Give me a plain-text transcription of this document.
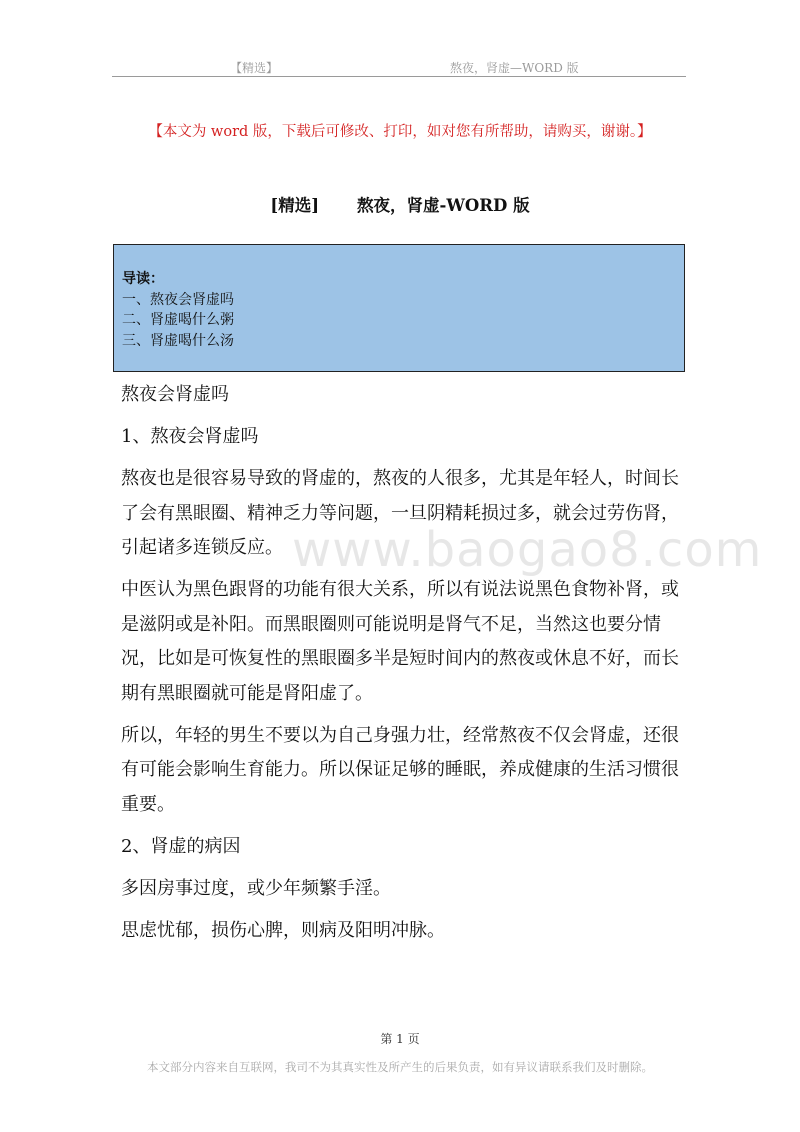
【精选】	熬夜，肾虚—WORD 版
【本文为 word 版，下载后可修改、打印，如对您有所帮助，请购买，谢谢。】
[精选] 熬夜，肾虚-WORD 版
导读：
一、熬夜会肾虚吗
二、肾虚喝什么粥
三、肾虚喝什么汤

熬夜会肾虚吗

1、熬夜会肾虚吗

熬夜也是很容易导致的肾虚的，熬夜的人很多，尤其是年轻人，时间长了会有黑眼圈、精神乏力等问题，一旦阴精耗损过多，就会过劳伤肾，引起诸多连锁反应。

中医认为黑色跟肾的功能有很大关系，所以有说法说黑色食物补肾，或是滋阴或是补阳。而黑眼圈则可能说明是肾气不足，当然这也要分情况，比如是可恢复性的黑眼圈多半是短时间内的熬夜或休息不好，而长期有黑眼圈就可能是肾阳虚了。

所以，年轻的男生不要以为自己身强力壮，经常熬夜不仅会肾虚，还很有可能会影响生育能力。所以保证足够的睡眠，养成健康的生活习惯很重要。

2、肾虚的病因

多因房事过度，或少年频繁手淫。

思虑忧郁，损伤心脾，则病及阳明冲脉。

www.baogao8.com
第 1 页
本文部分内容来自互联网，我司不为其真实性及所产生的后果负责，如有异议请联系我们及时删除。
